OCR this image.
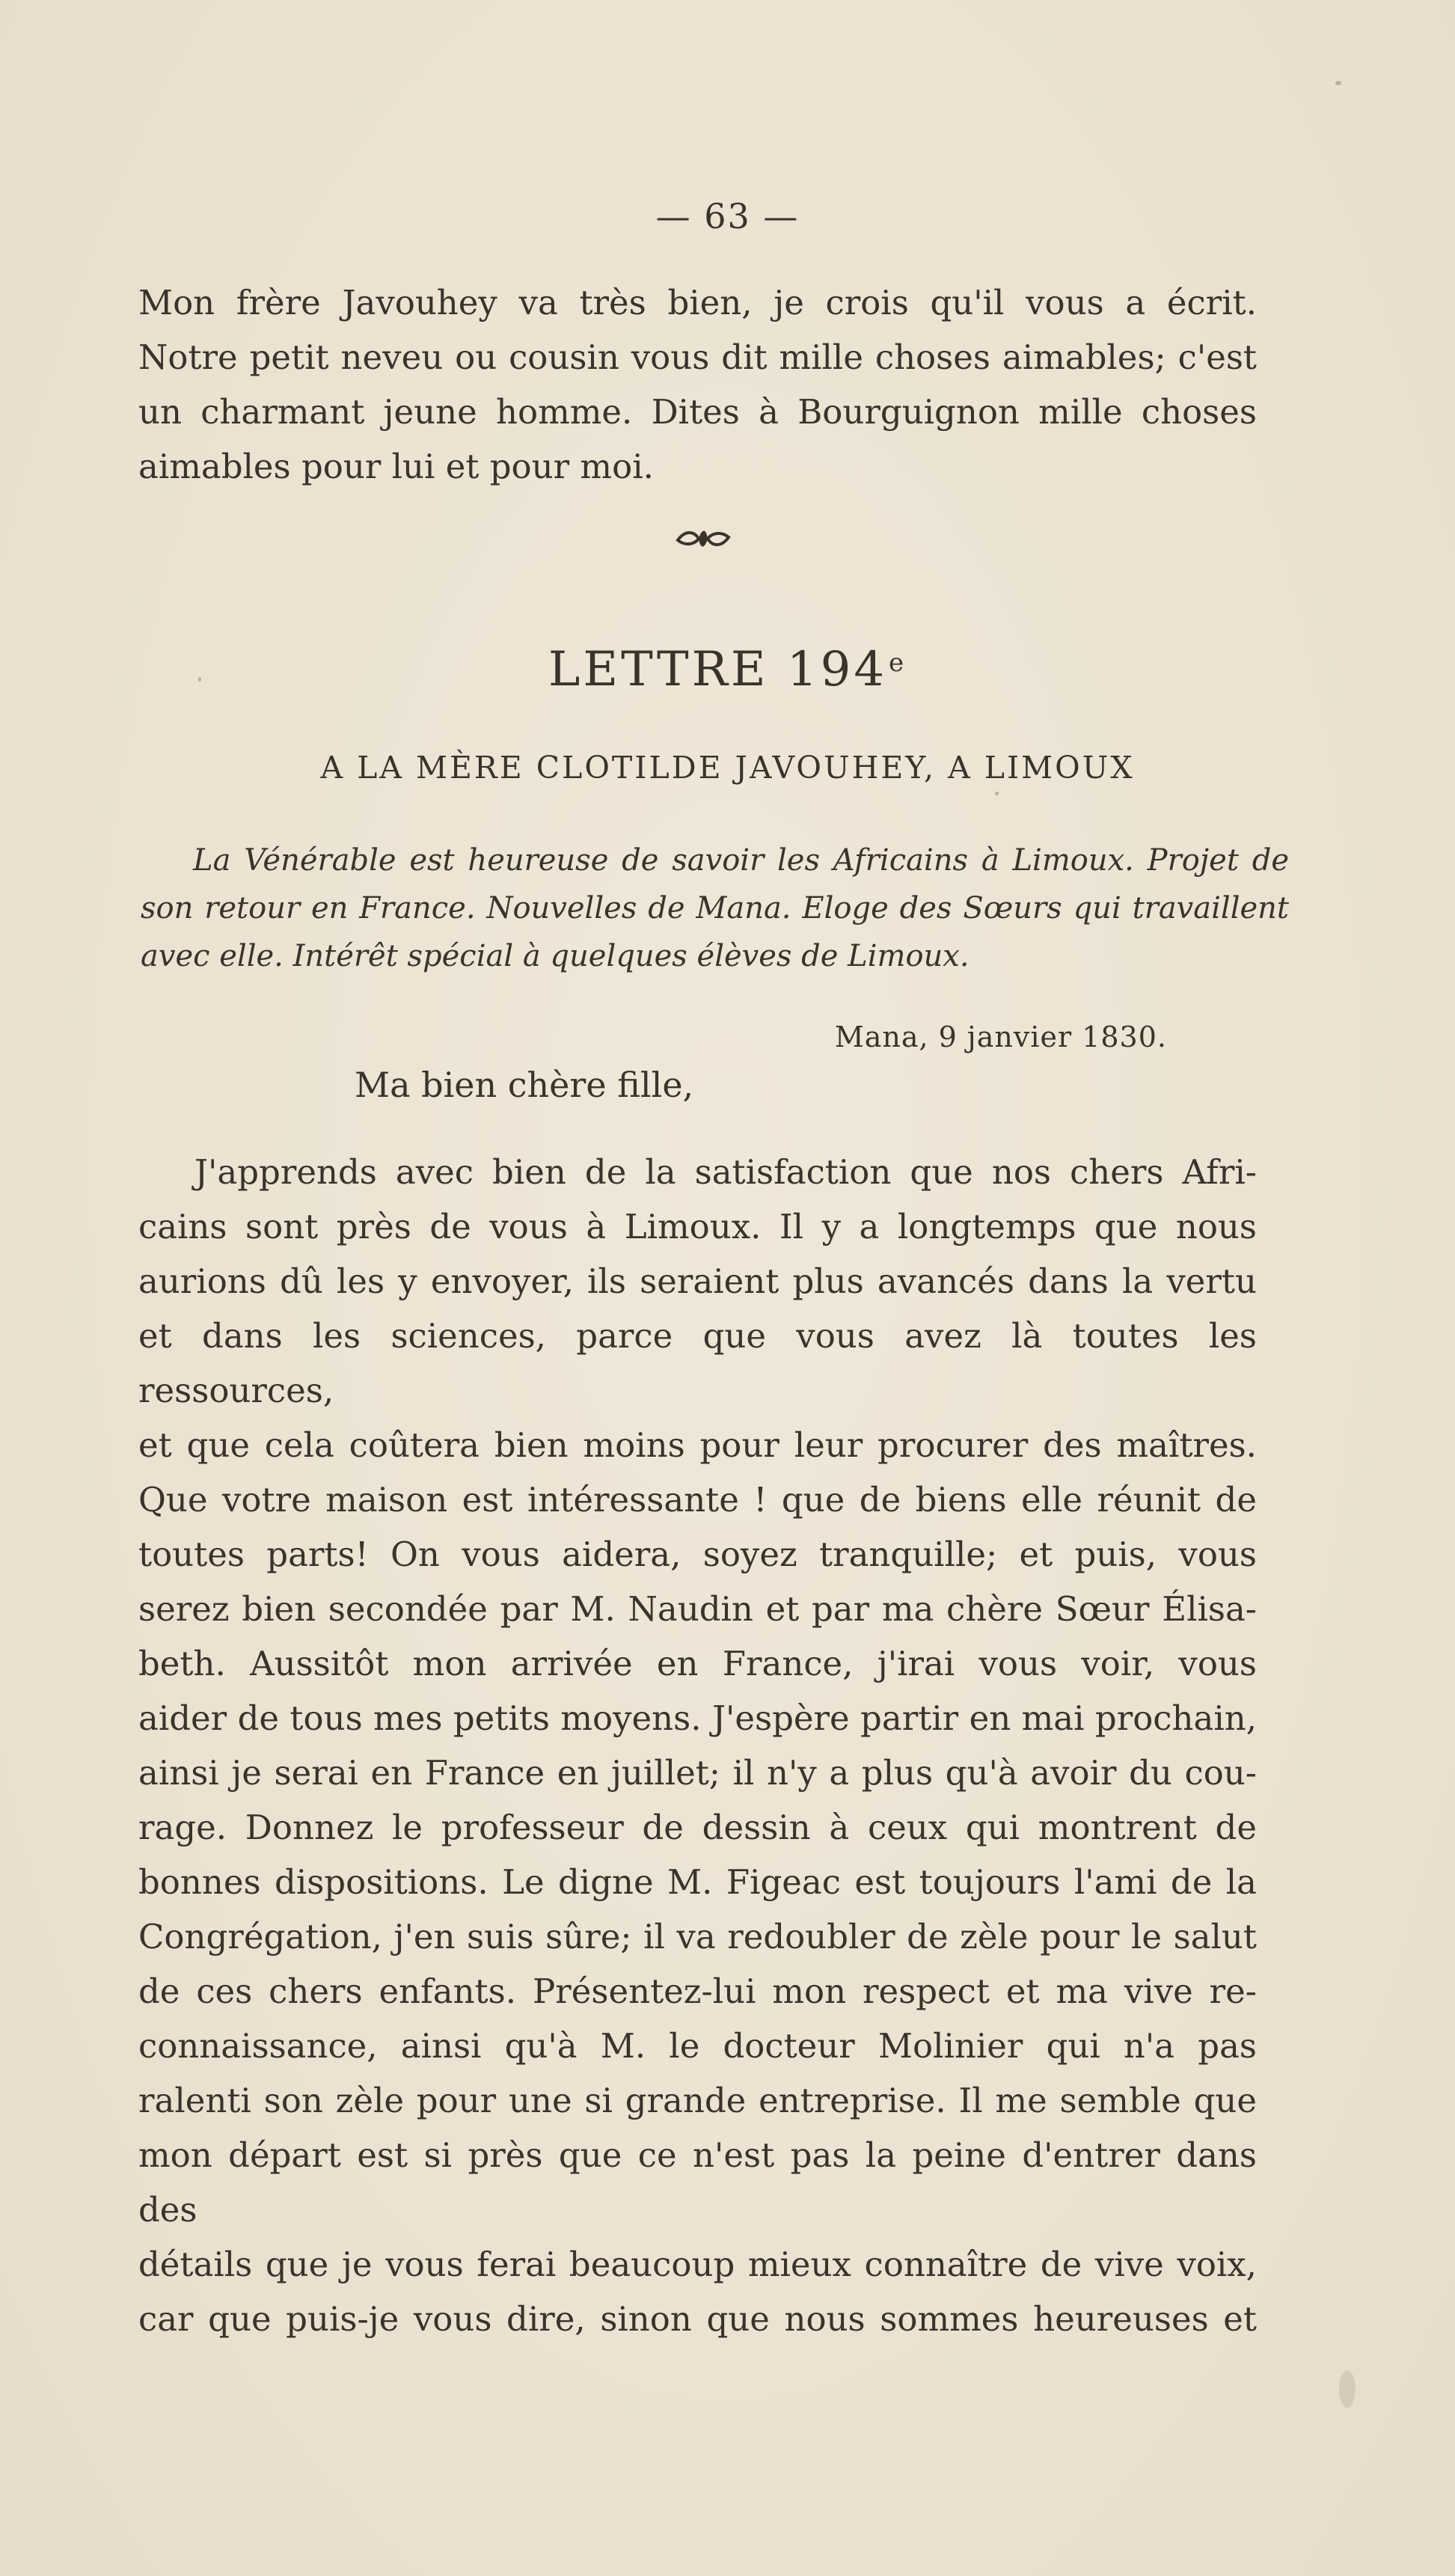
— 63 —

Mon frère Javouhey va très bien, je crois qu'il vous a écrit.

Notre petit neveu ou cousin vous dit mille choses aimables; c'est

un charmant jeune homme. Dites à Bourguignon mille choses

aimables pour lui et pour moi.

LETTRE 194e
A LA MÈRE CLOTILDE JAVOUHEY, A LIMOUX

La Vénérable est heureuse de savoir les Africains à Limoux. Projet de

son retour en France. Nouvelles de Mana. Eloge des Sœurs qui travaillent

avec elle. Intérêt spécial à quelques élèves de Limoux.

Mana, 9 janvier 1830.
Ma bien chère fille,

J'apprends avec bien de la satisfaction que nos chers Afri-

cains sont près de vous à Limoux. Il y a longtemps que nous

aurions dû les y envoyer, ils seraient plus avancés dans la vertu

et dans les sciences, parce que vous avez là toutes les ressources,

et que cela coûtera bien moins pour leur procurer des maîtres.

Que votre maison est intéressante ! que de biens elle réunit de

toutes parts! On vous aidera, soyez tranquille; et puis, vous

serez bien secondée par M. Naudin et par ma chère Sœur Élisa-

beth. Aussitôt mon arrivée en France, j'irai vous voir, vous

aider de tous mes petits moyens. J'espère partir en mai prochain,

ainsi je serai en France en juillet; il n'y a plus qu'à avoir du cou-

rage. Donnez le professeur de dessin à ceux qui montrent de

bonnes dispositions. Le digne M. Figeac est toujours l'ami de la

Congrégation, j'en suis sûre; il va redoubler de zèle pour le salut

de ces chers enfants. Présentez-lui mon respect et ma vive re-

connaissance, ainsi qu'à M. le docteur Molinier qui n'a pas

ralenti son zèle pour une si grande entreprise. Il me semble que

mon départ est si près que ce n'est pas la peine d'entrer dans des

détails que je vous ferai beaucoup mieux connaître de vive voix,

car que puis-je vous dire, sinon que nous sommes heureuses et
